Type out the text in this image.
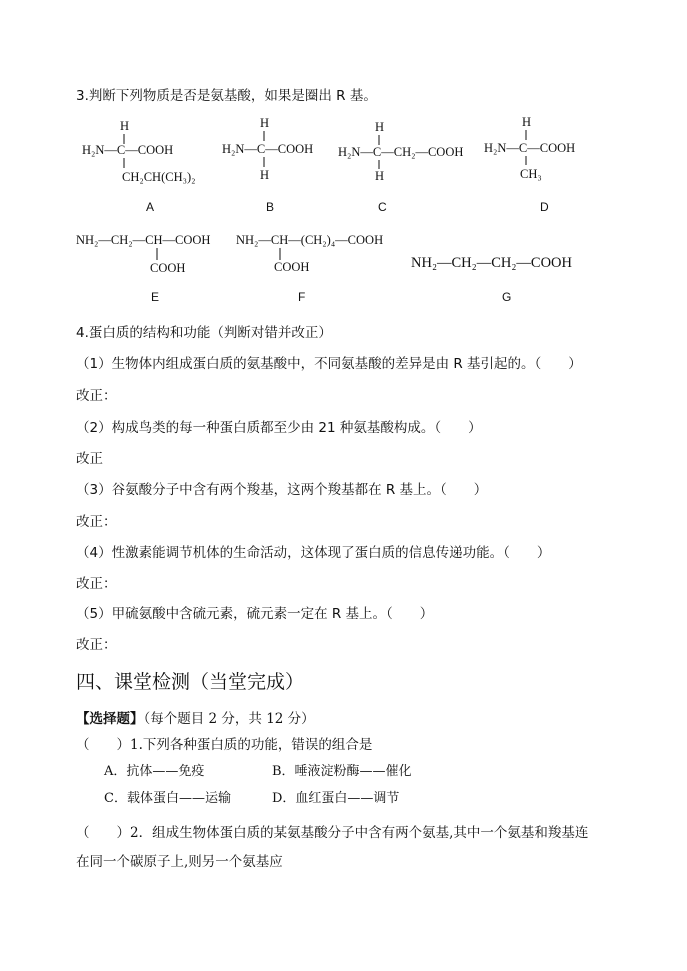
3.判断下列物质是否是氨基酸，如果是圈出 R 基。
H
H₂N—C—COOH
CH₂CH(CH₃)₂
A
H
H₂N—C—COOH
H
B
H
H₂N—C—CH₂—COOH
H
C
H
H₂N—C—COOH
CH₃
D
NH₂—CH₂—CH—COOH
COOH
E
NH₂—CH—(CH₂)₄—COOH
COOH
F
NH₂—CH₂—CH₂—COOH
G
4.蛋白质的结构和功能（判断对错并改正）
（1）生物体内组成蛋白质的氨基酸中，不同氨基酸的差异是由 R 基引起的。（　　）
改正：
（2）构成鸟类的每一种蛋白质都至少由 21 种氨基酸构成。（　　）
改正
（3）谷氨酸分子中含有两个羧基，这两个羧基都在 R 基上。（　　）
改正：
（4）性激素能调节机体的生命活动，这体现了蛋白质的信息传递功能。（　　）
改正：
（5）甲硫氨酸中含硫元素，硫元素一定在 R 基上。（　　）
改正：
四、课堂检测（当堂完成）
【选择题】（每个题目 2 分，共 12 分）
（　　）1.下列各种蛋白质的功能，错误的组合是
A．抗体——免疫	B．唾液淀粉酶——催化
C．载体蛋白——运输	D．血红蛋白——调节
（　　）2．组成生物体蛋白质的某氨基酸分子中含有两个氨基,其中一个氨基和羧基连
在同一个碳原子上,则另一个氨基应
